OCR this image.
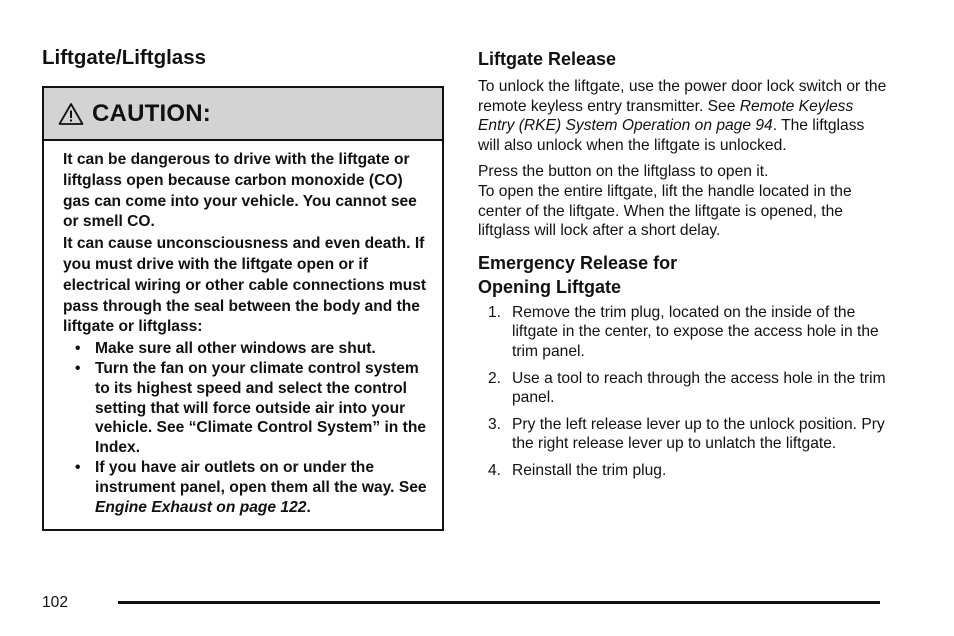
Liftgate/Liftglass
CAUTION:

It can be dangerous to drive with the liftgate or liftglass open because carbon monoxide (CO) gas can come into your vehicle. You cannot see or smell CO.

It can cause unconsciousness and even death. If you must drive with the liftgate open or if electrical wiring or other cable connections must pass through the seal between the body and the liftgate or liftglass:

• Make sure all other windows are shut.
• Turn the fan on your climate control system to its highest speed and select the control setting that will force outside air into your vehicle. See “Climate Control System” in the Index.
• If you have air outlets on or under the instrument panel, open them all the way. See Engine Exhaust on page 122.
Liftgate Release

To unlock the liftgate, use the power door lock switch or the remote keyless entry transmitter. See Remote Keyless Entry (RKE) System Operation on page 94. The liftglass will also unlock when the liftgate is unlocked.

Press the button on the liftglass to open it.

To open the entire liftgate, lift the handle located in the center of the liftgate. When the liftgate is opened, the liftglass will lock after a short delay.

Emergency Release for
Opening Liftgate
1. Remove the trim plug, located on the inside of the liftgate in the center, to expose the access hole in the trim panel.
2. Use a tool to reach through the access hole in the trim panel.
3. Pry the left release lever up to the unlock position. Pry the right release lever up to unlatch the liftgate.
4. Reinstall the trim plug.
102
